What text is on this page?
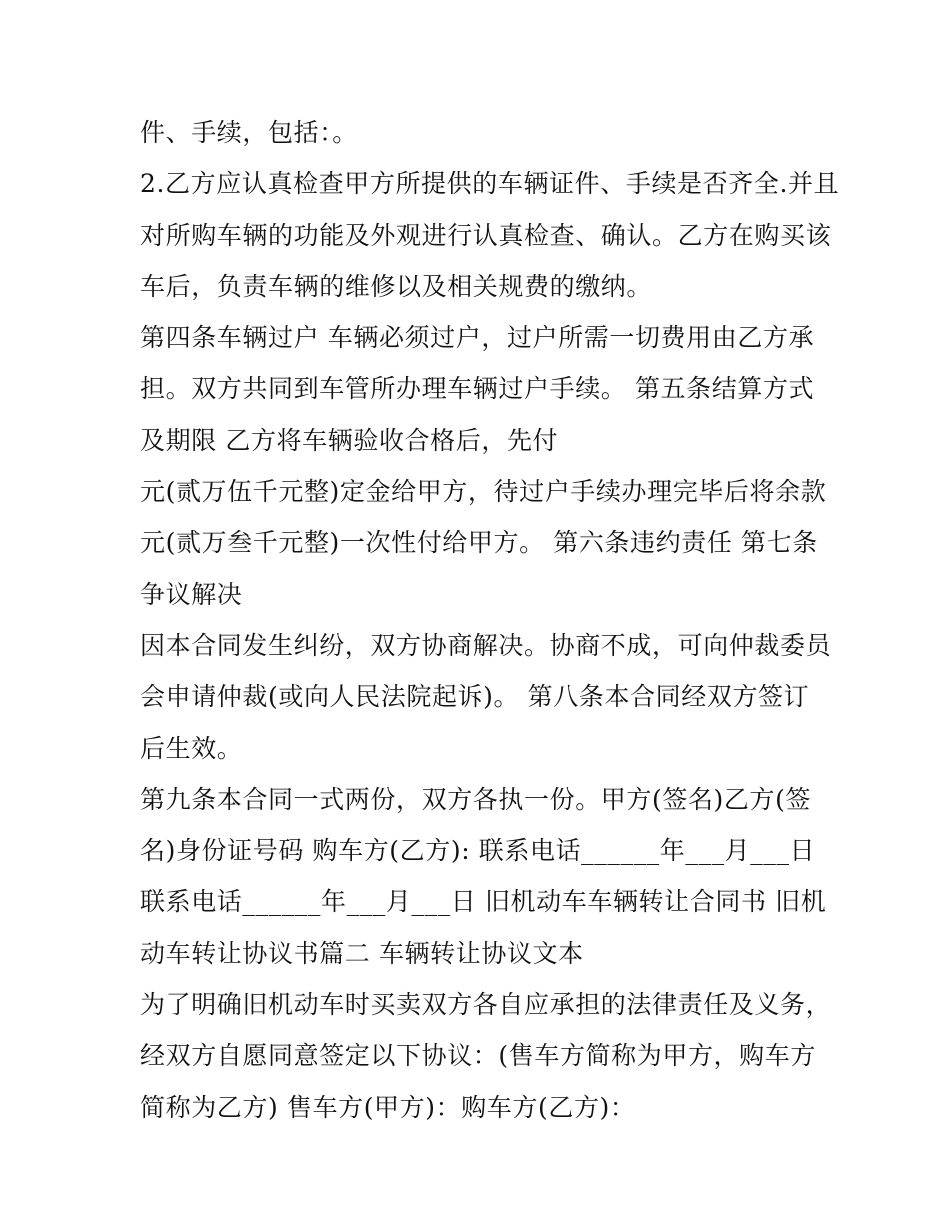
件、手续，包括：。
2.乙方应认真检查甲方所提供的车辆证件、手续是否齐全.并且
对所购车辆的功能及外观进行认真检查、确认。乙方在购买该
车后，负责车辆的维修以及相关规费的缴纳。
第四条车辆过户 车辆必须过户，过户所需一切费用由乙方承
担。双方共同到车管所办理车辆过户手续。 第五条结算方式
及期限 乙方将车辆验收合格后，先付
元(贰万伍千元整)定金给甲方，待过户手续办理完毕后将余款
元(贰万叁千元整)一次性付给甲方。 第六条违约责任 第七条
争议解决
因本合同发生纠纷，双方协商解决。协商不成，可向仲裁委员
会申请仲裁(或向人民法院起诉)。 第八条本合同经双方签订
后生效。
第九条本合同一式两份，双方各执一份。甲方(签名)乙方(签
名)身份证号码 购车方(乙方): 联系电话______年___月___日
联系电话______年___月___日 旧机动车车辆转让合同书 旧机
动车转让协议书篇二 车辆转让协议文本
为了明确旧机动车时买卖双方各自应承担的法律责任及义务，
经双方自愿同意签定以下协议：(售车方简称为甲方，购车方
简称为乙方) 售车方(甲方)：购车方(乙方)：
